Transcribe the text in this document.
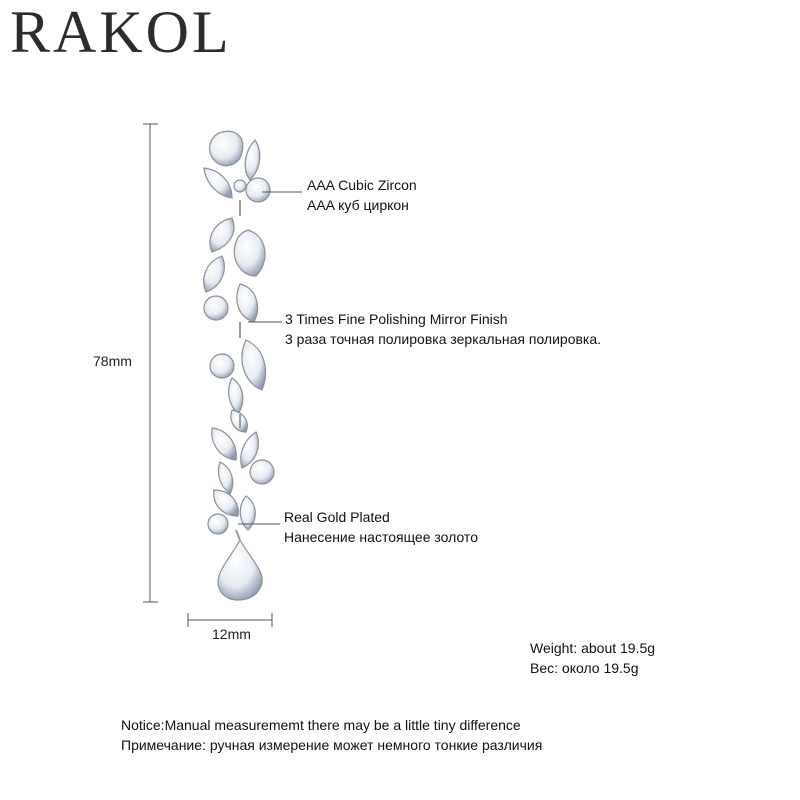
RAKOL
78mm
12mm
AAA Cubic Zircon
AAA куб циркон
3 Times Fine Polishing Mirror Finish
3 раза точная полировка зеркальная полировка.
Real Gold Plated
Нанесение настоящее золото
Weight: about 19.5g
Вес: около 19.5g
Notice:Manual measurememt there may be a little tiny difference
Примечание: ручная измерение может немного тонкие различия
